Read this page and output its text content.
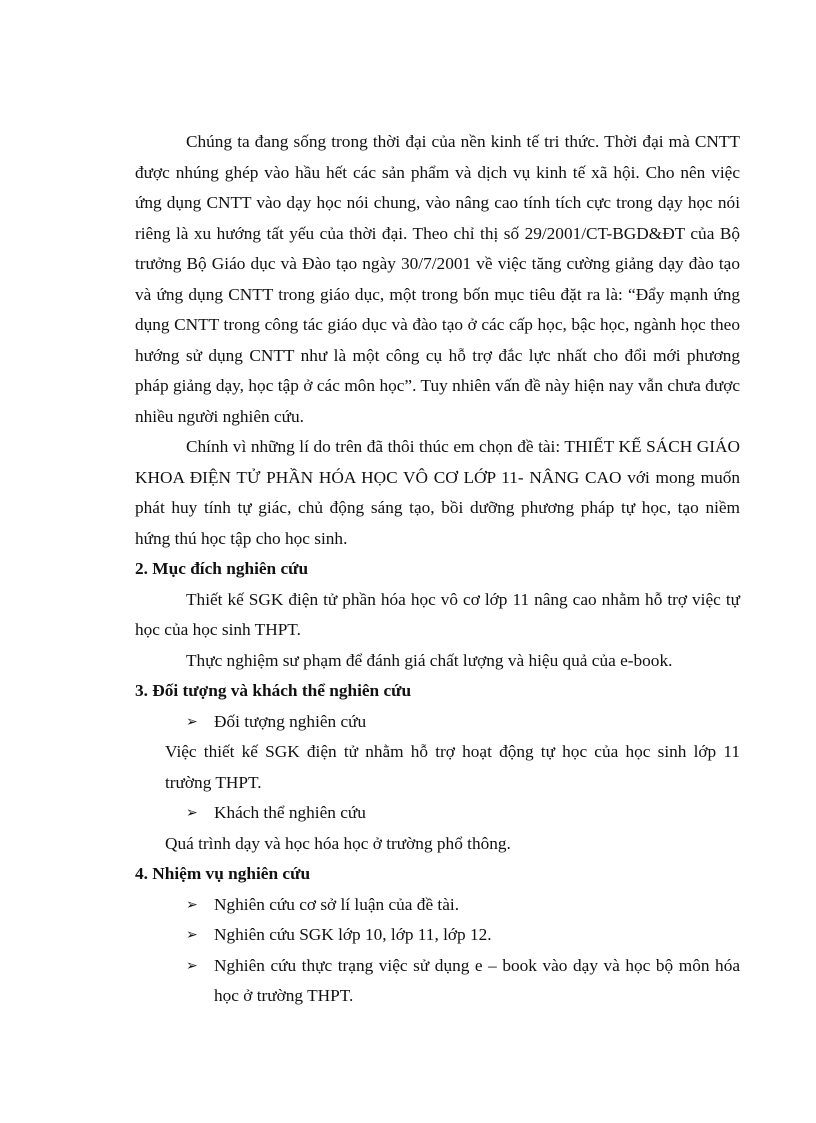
Chúng ta đang sống trong thời đại của nền kinh tế tri thức. Thời đại mà CNTT được nhúng ghép vào hầu hết các sản phẩm và dịch vụ kinh tế xã hội. Cho nên việc ứng dụng CNTT vào dạy học nói chung, vào nâng cao tính tích cực trong dạy học nói riêng là xu hướng tất yếu của thời đại. Theo chỉ thị số 29/2001/CT-BGD&ĐT của Bộ trưởng Bộ Giáo dục và Đào tạo ngày 30/7/2001 về việc tăng cường giảng dạy đào tạo và ứng dụng CNTT trong giáo dục, một trong bốn mục tiêu đặt ra là: “Đẩy mạnh ứng dụng CNTT trong công tác giáo dục và đào tạo ở các cấp học, bậc học, ngành học theo hướng sử dụng CNTT như là một công cụ hỗ trợ đắc lực nhất cho đổi mới phương pháp giảng dạy, học tập ở các môn học”. Tuy nhiên vấn đề này hiện nay vẫn chưa được nhiều người nghiên cứu.

Chính vì những lí do trên đã thôi thúc em chọn đề tài: THIẾT KẾ SÁCH GIÁO KHOA ĐIỆN TỬ PHẦN HÓA HỌC VÔ CƠ LỚP 11- NÂNG CAO với mong muốn phát huy tính tự giác, chủ động sáng tạo, bồi dưỡng phương pháp tự học, tạo niềm hứng thú học tập cho học sinh.

2. Mục đích nghiên cứu

Thiết kế SGK điện tử phần hóa học vô cơ lớp 11 nâng cao nhằm hỗ trợ việc tự học của học sinh THPT.

Thực nghiệm sư phạm để đánh giá chất lượng và hiệu quả của e-book.

3. Đối tượng và khách thể nghiên cứu

➢ Đối tượng nghiên cứu

Việc thiết kế SGK điện tử nhằm hỗ trợ hoạt động tự học của học sinh lớp 11 trường THPT.

➢ Khách thể nghiên cứu

Quá trình dạy và học hóa học ở trường phổ thông.

4. Nhiệm vụ nghiên cứu

➢ Nghiên cứu cơ sở lí luận của đề tài.
➢ Nghiên cứu SGK lớp 10, lớp 11, lớp 12.
➢ Nghiên cứu thực trạng việc sử dụng e – book vào dạy và học bộ môn hóa học ở trường THPT.
